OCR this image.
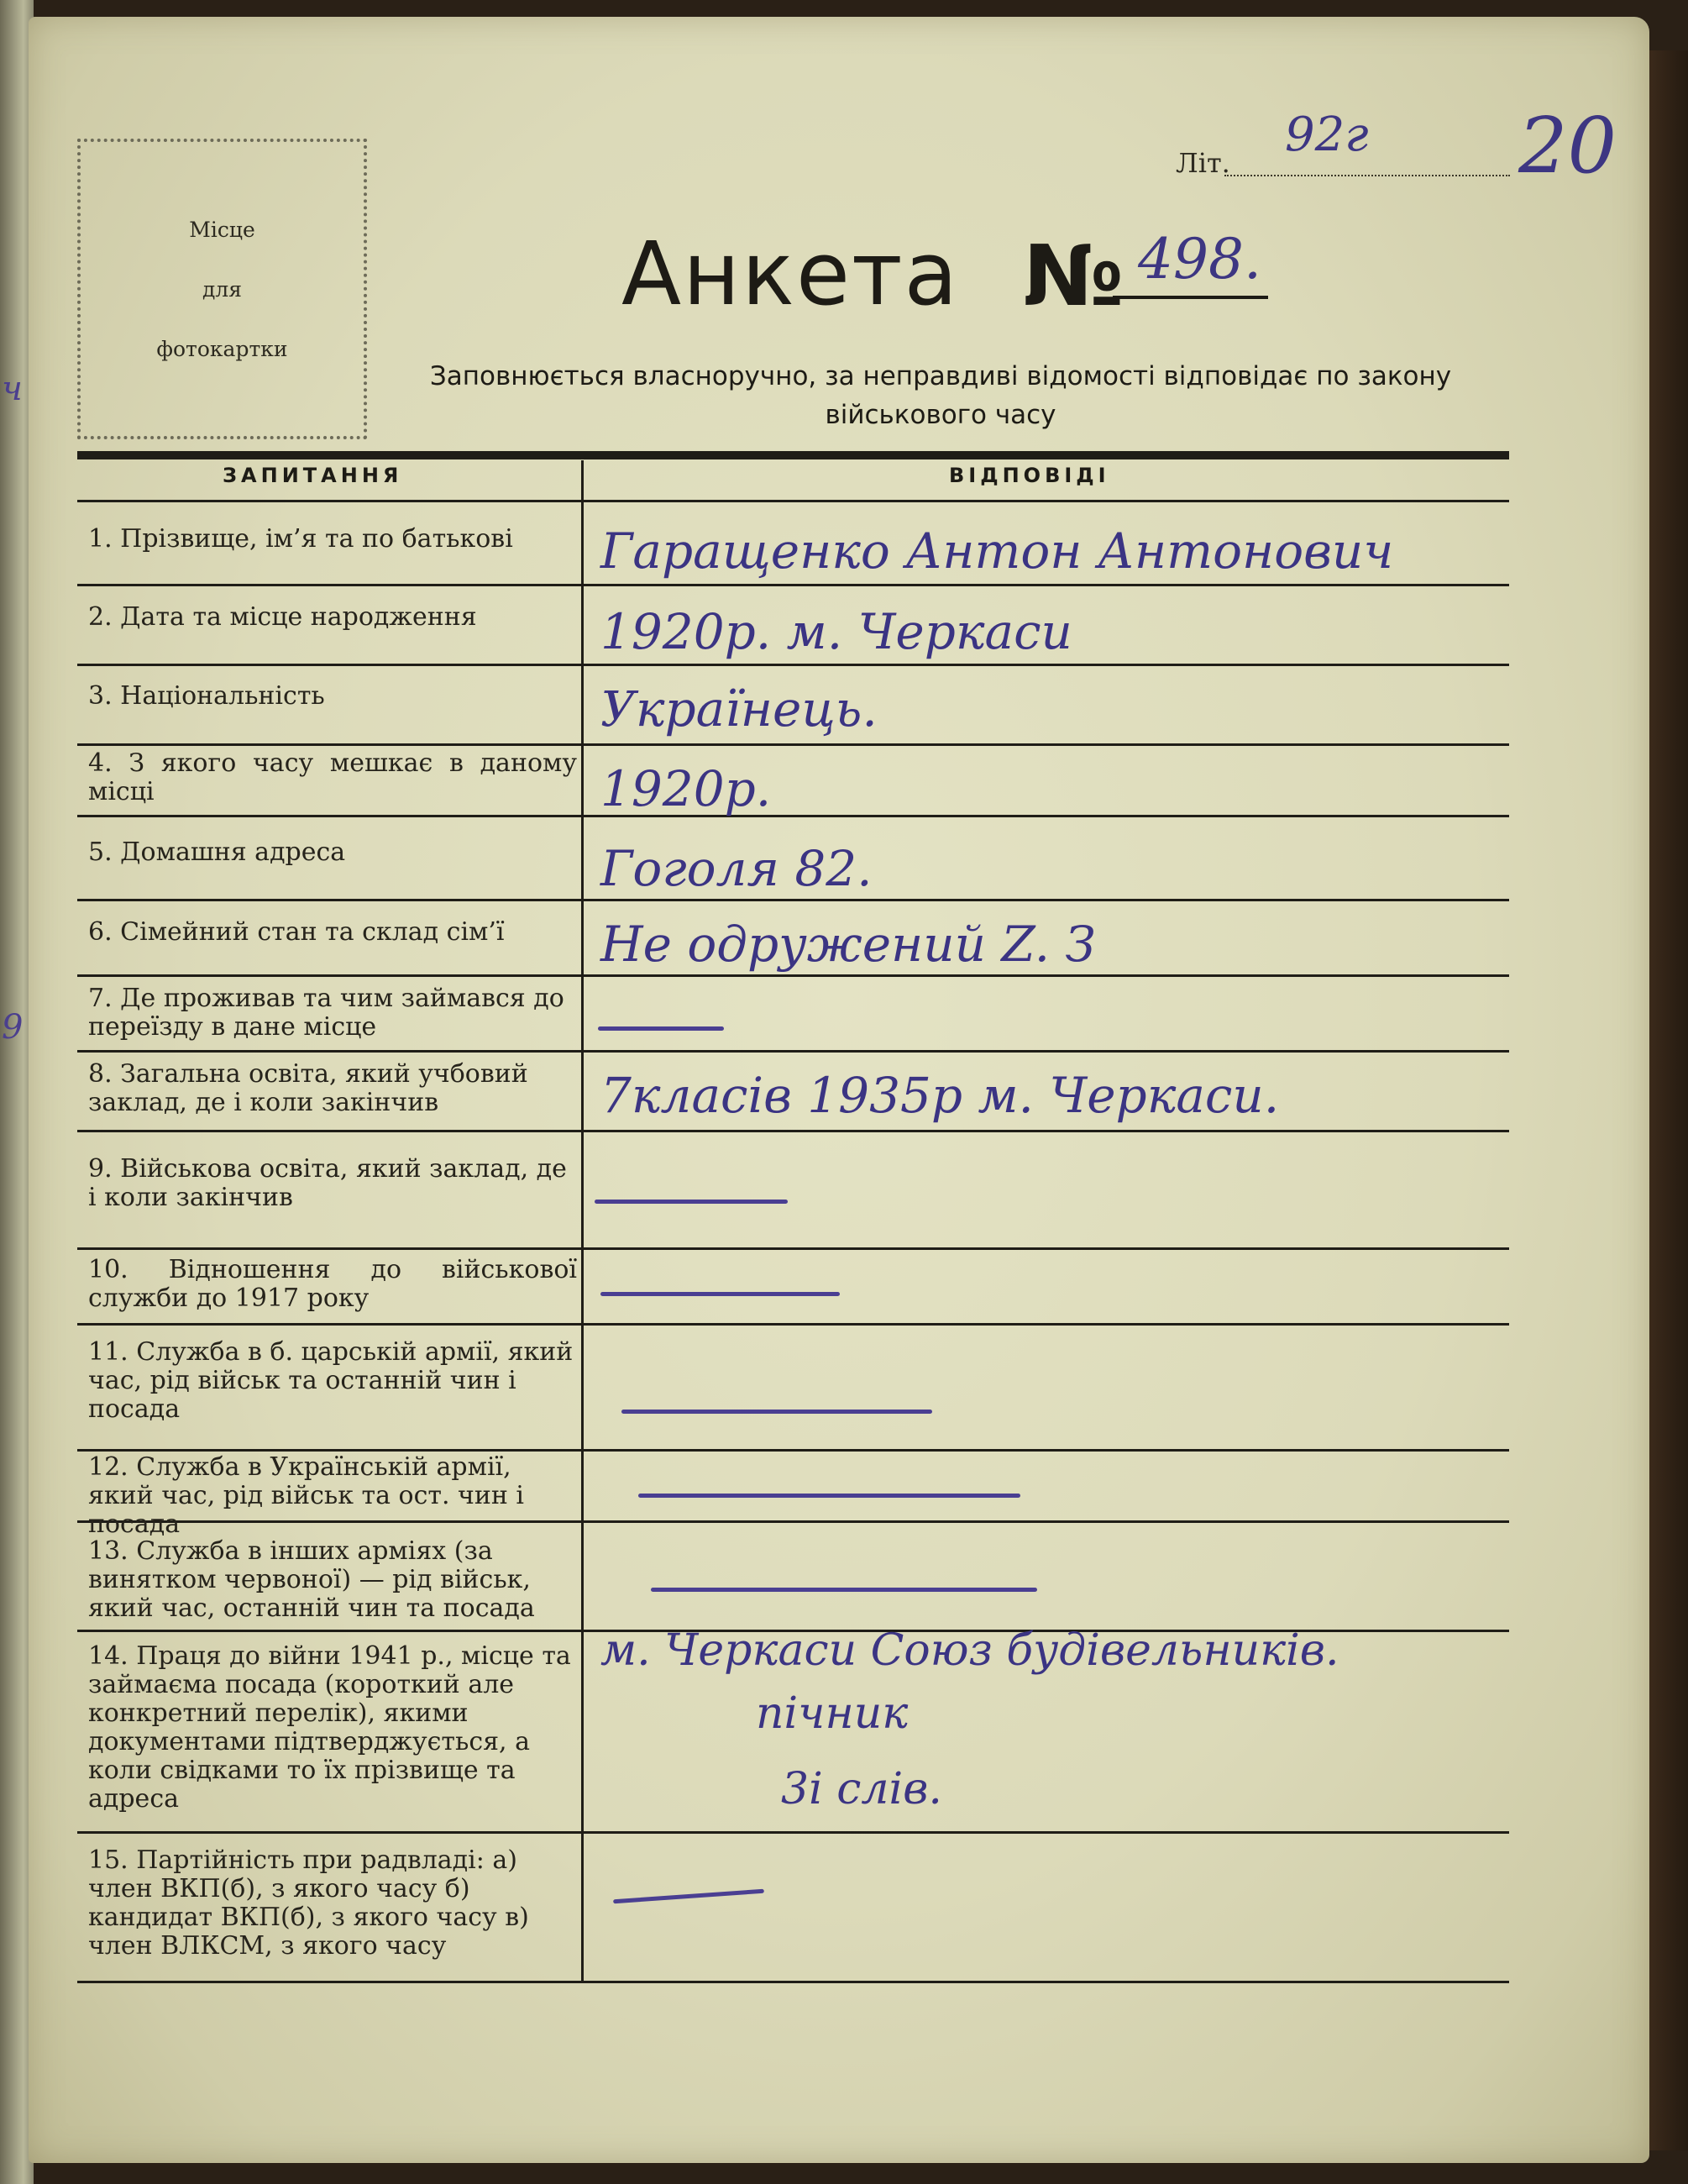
ч
9
Місце
для
фотокартки
Літ.
92г 20
Анкета № 498.
Заповнюється власноручно, за неправдиві відомості відповідає по закону військового часу
ЗАПИТАННЯ	ВІДПОВІДІ
1. Прізвище, ім’я та по батькові
2. Дата та місце народження
3. Національність
4. З якого часу мешкає в даному місці
5. Домашня адреса
6. Сімейний стан та склад сім’ї
7. Де проживав та чим займався до переїзду в дане місце
8. Загальна освіта, який учбовий заклад, де і коли закінчив
9. Військова освіта, який заклад, де і коли закінчив
10. Відношення до військової служби до 1917 року
11. Служба в б. царській армії, який час, рід військ та останній чин і посада
12. Служба в Українській армії, який час, рід військ та ост. чин і посада
13. Служба в інших арміях (за винятком червоної) — рід військ, який час, останній чин та посада
14. Праця до війни 1941 р., місце та займаєма посада (короткий але конкретний перелік), якими документами підтверджується, а коли свідками то їх прізвище та адреса
15. Партійність при радвладі: а) член ВКП(б), з якого часу б) кандидат ВКП(б), з якого часу в) член ВЛКСМ, з якого часу
Гаращенко Антон Антонович
1920р. м. Черкаси
Українець.
1920р.
Гоголя 82.
Не одружений Z. З
7класів 1935р м. Черкаси.
м. Черкаси Союз будівельників.
пічник
3і слів.
